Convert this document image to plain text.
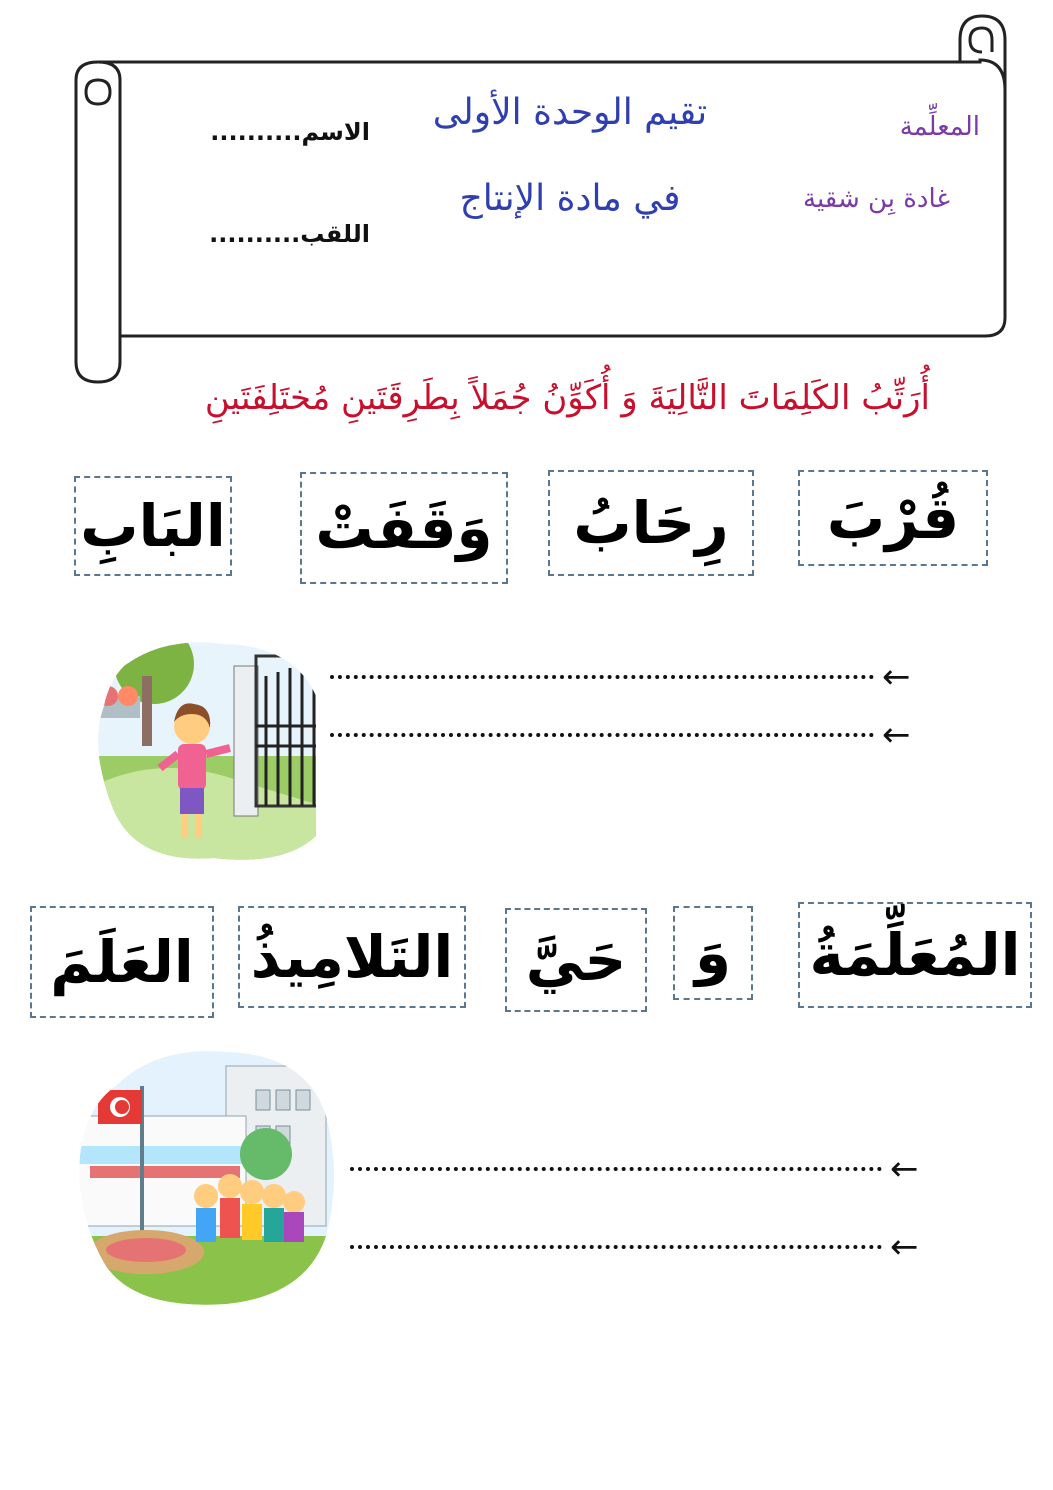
تقيم الوحدة الأولى
في مادة الإنتاج
المعلِّمة
غادة بِن شقية
الاسم..........
اللقب..........
أُرَتِّبُ الكَلِمَاتَ التَّالِيَةَ وَ أُكَوِّنُ جُمَلاً بِطَرِقَتَينِ مُختَلِفَتَينِ
قُرْبَ
رِحَابُ
وَقَفَتْ
البَابِ
←
←
المُعَلِّمَةُ
وَ
حَيَّ
التَلامِيذُ
العَلَمَ
←
←
